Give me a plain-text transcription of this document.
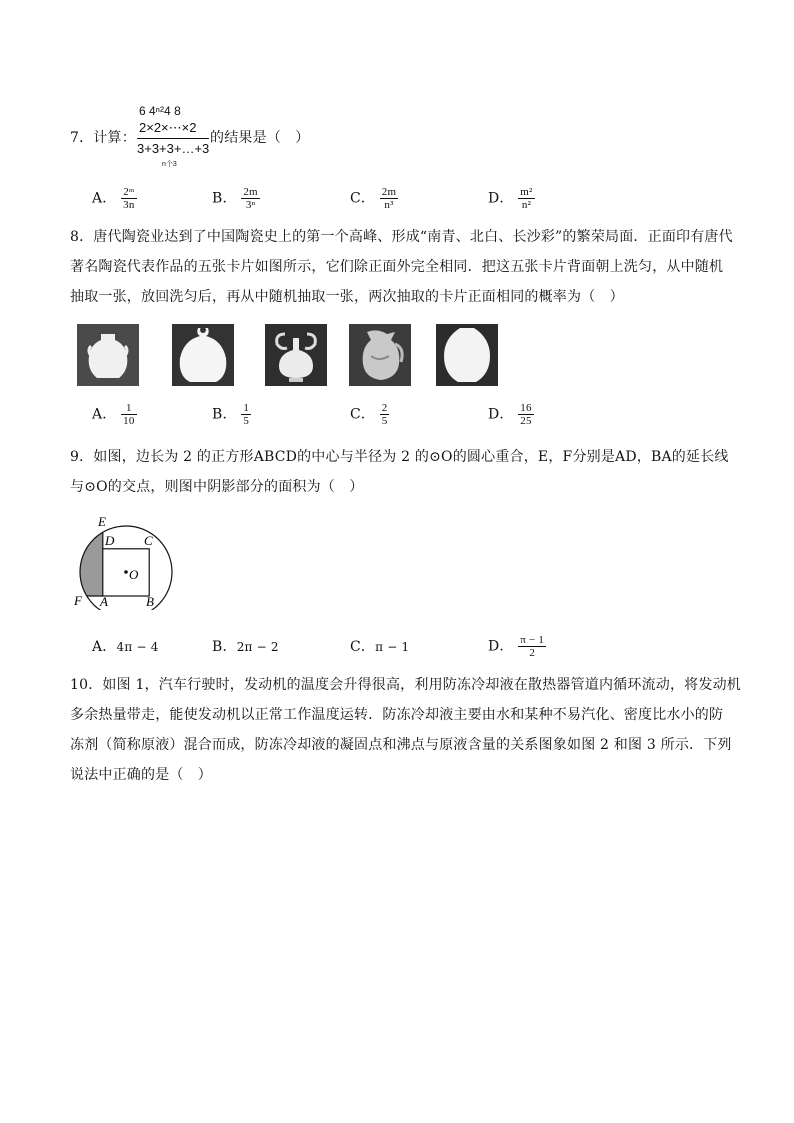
6 4ⁿ²4 8
2×2×⋯×2
3+3+3+…+3
n个3
7．计算：	的结果是（　）
A． $\frac{\text{2ᵐ}}{3n}$	B． $\frac{2m}{\text{3ⁿ}}$	C． $\frac{2m}{\text{n³}}$	D． $\frac{\text{m²}}{\text{n²}}$
8．唐代陶瓷业达到了中国陶瓷史上的第一个高峰、形成“南青、北白、长沙彩”的繁荣局面．正面印有唐代
著名陶瓷代表作品的五张卡片如图所示，它们除正面外完全相同．把这五张卡片背面朝上洗匀，从中随机
抽取一张，放回洗匀后，再从中随机抽取一张，两次抽取的卡片正面相同的概率为（　）
A． $\frac{1}{10}$	B． $\frac{1}{5}$	C． $\frac{2}{5}$	D． $\frac{16}{25}$
9．如图，边长为 2 的正方形ABCD的中心与半径为 2 的⊙O的圆心重合，E，F分别是AD，BA的延长线
与⊙O的交点，则图中阴影部分的面积为（　）
E
D C
O
F A	B
A．4π − 4	B．2π − 2	C．π − 1	D． $\frac{\pi - 1}{2}$
10．如图 1，汽车行驶时，发动机的温度会升得很高，利用防冻冷却液在散热器管道内循环流动，将发动机
多余热量带走，能使发动机以正常工作温度运转．防冻冷却液主要由水和某种不易汽化、密度比水小的防
冻剂（简称原液）混合而成，防冻冷却液的凝固点和沸点与原液含量的关系图象如图 2 和图 3 所示．下列
说法中正确的是（　）
